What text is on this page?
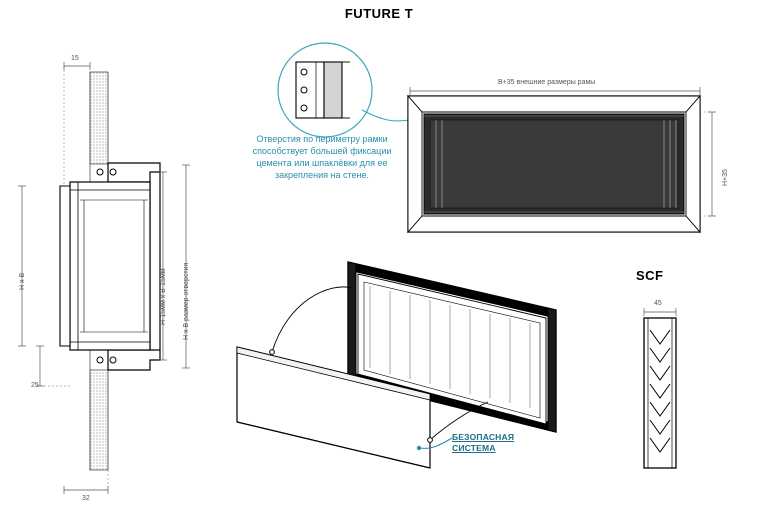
FUTURE T
SCF
15
32
25
H x B	H-15мм x B-15мм H x B размер отверстия
Отверстия по периметру рамки способствует большей фиксации цемента или шпаклёвки для ее закрепления на стене.
B+35 внешние размеры рамы
H+35
БЕЗОПАСНАЯ
СИСТЕМА
45
